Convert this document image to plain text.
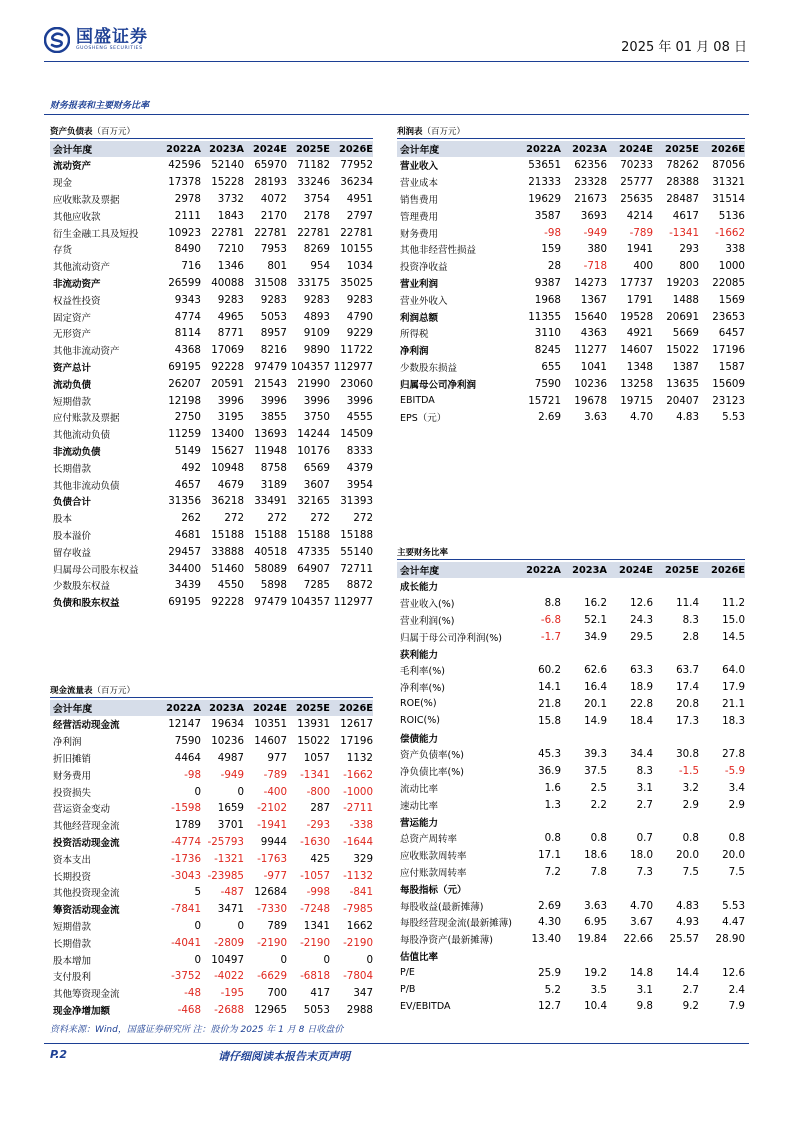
国盛证券
GUOSHENG SECURITIES	2025 年 01 月 08 日
财务报表和主要财务比率
资产负债表（百万元）
会计年度	2022A	2023A	2024E	2025E	2026E
流动资产	42596	52140	65970	71182	77952
现金	17378	15228	28193	33246	36234
应收账款及票据	2978	3732	4072	3754	4951
其他应收款	2111	1843	2170	2178	2797
衍生金融工具及短投	10923	22781	22781	22781	22781
存货	8490	7210	7953	8269	10155
其他流动资产	716	1346	801	954	1034
非流动资产	26599	40088	31508	33175	35025
权益性投资	9343	9283	9283	9283	9283
固定资产	4774	4965	5053	4893	4790
无形资产	8114	8771	8957	9109	9229
其他非流动资产	4368	17069	8216	9890	11722
资产总计	69195	92228	97479	104357	112977
流动负债	26207	20591	21543	21990	23060
短期借款	12198	3996	3996	3996	3996
应付账款及票据	2750	3195	3855	3750	4555
其他流动负债	11259	13400	13693	14244	14509
非流动负债	5149	15627	11948	10176	8333
长期借款	492	10948	8758	6569	4379
其他非流动负债	4657	4679	3189	3607	3954
负债合计	31356	36218	33491	32165	31393
股本	262	272	272	272	272
股本溢价	4681	15188	15188	15188	15188
留存收益	29457	33888	40518	47335	55140
归属母公司股东权益	34400	51460	58089	64907	72711
少数股东权益	3439	4550	5898	7285	8872
负债和股东权益	69195	92228	97479	104357	112977
利润表（百万元）
会计年度	2022A	2023A	2024E	2025E	2026E
营业收入	53651	62356	70233	78262	87056
营业成本	21333	23328	25777	28388	31321
销售费用	19629	21673	25635	28487	31514
管理费用	3587	3693	4214	4617	5136
财务费用	-98	-949	-789	-1341	-1662
其他非经营性损益	159	380	1941	293	338
投资净收益	28	-718	400	800	1000
营业利润	9387	14273	17737	19203	22085
营业外收入	1968	1367	1791	1488	1569
利润总额	11355	15640	19528	20691	23653
所得税	3110	4363	4921	5669	6457
净利润	8245	11277	14607	15022	17196
少数股东损益	655	1041	1348	1387	1587
归属母公司净利润	7590	10236	13258	13635	15609
EBITDA	15721	19678	19715	20407	23123
EPS（元）	2.69	3.63	4.70	4.83	5.53
主要财务比率
会计年度	2022A	2023A	2024E	2025E	2026E
成长能力					
营业收入(%)	8.8	16.2	12.6	11.4	11.2
营业利润(%)	-6.8	52.1	24.3	8.3	15.0
归属于母公司净利润(%)	-1.7	34.9	29.5	2.8	14.5
获利能力					
毛利率(%)	60.2	62.6	63.3	63.7	64.0
净利率(%)	14.1	16.4	18.9	17.4	17.9
ROE(%)	21.8	20.1	22.8	20.8	21.1
ROIC(%)	15.8	14.9	18.4	17.3	18.3
偿债能力					
资产负债率(%)	45.3	39.3	34.4	30.8	27.8
净负债比率(%)	36.9	37.5	8.3	-1.5	-5.9
流动比率	1.6	2.5	3.1	3.2	3.4
速动比率	1.3	2.2	2.7	2.9	2.9
营运能力					
总资产周转率	0.8	0.8	0.7	0.8	0.8
应收账款周转率	17.1	18.6	18.0	20.0	20.0
应付账款周转率	7.2	7.8	7.3	7.5	7.5
每股指标（元）					
每股收益(最新摊薄)	2.69	3.63	4.70	4.83	5.53
每股经营现金流(最新摊薄)	4.30	6.95	3.67	4.93	4.47
每股净资产(最新摊薄)	13.40	19.84	22.66	25.57	28.90
估值比率					
P/E	25.9	19.2	14.8	14.4	12.6
P/B	5.2	3.5	3.1	2.7	2.4
EV/EBITDA	12.7	10.4	9.8	9.2	7.9
现金流量表（百万元）
会计年度	2022A	2023A	2024E	2025E	2026E
经营活动现金流	12147	19634	10351	13931	12617
净利润	7590	10236	14607	15022	17196
折旧摊销	4464	4987	977	1057	1132
财务费用	-98	-949	-789	-1341	-1662
投资损失	0	0	-400	-800	-1000
营运资金变动	-1598	1659	-2102	287	-2711
其他经营现金流	1789	3701	-1941	-293	-338
投资活动现金流	-4774	-25793	9944	-1630	-1644
资本支出	-1736	-1321	-1763	425	329
长期投资	-3043	-23985	-977	-1057	-1132
其他投资现金流	5	-487	12684	-998	-841
筹资活动现金流	-7841	3471	-7330	-7248	-7985
短期借款	0	0	789	1341	1662
长期借款	-4041	-2809	-2190	-2190	-2190
股本增加	0	10497	0	0	0
支付股利	-3752	-4022	-6629	-6818	-7804
其他筹资现金流	-48	-195	700	417	347
现金净增加额	-468	-2688	12965	5053	2988
资料来源：Wind，国盛证券研究所 注：股价为 2025 年 1 月 8 日收盘价
P.2	请仔细阅读本报告末页声明
